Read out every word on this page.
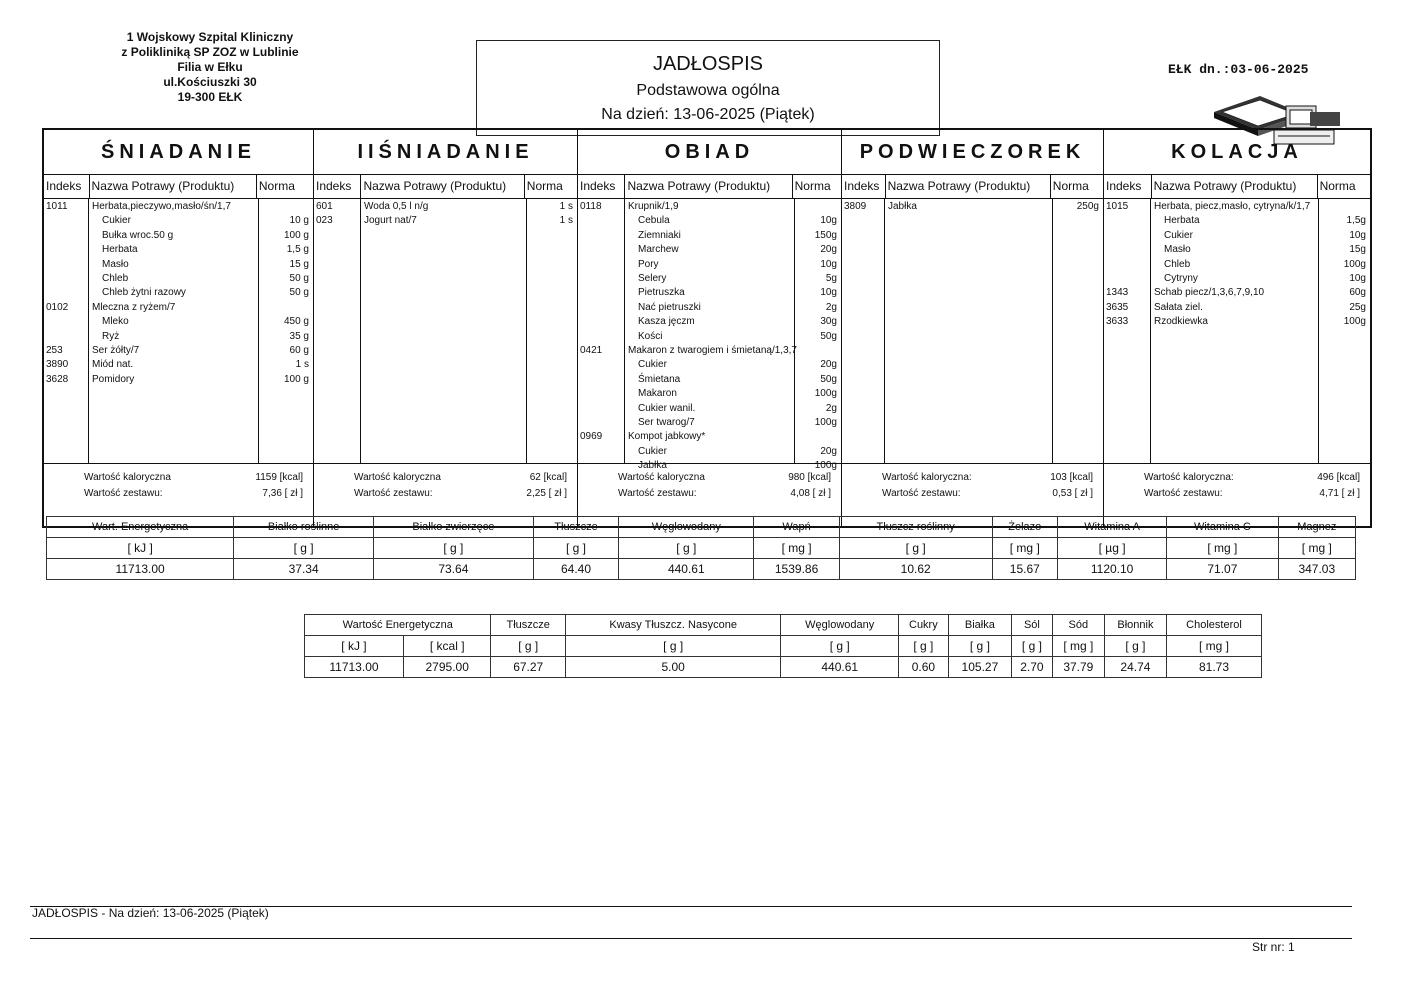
1 Wojskowy Szpital Kliniczny
z Polikliniką SP ZOZ w Lublinie
Filia w Ełku
ul.Kościuszki 30
19-300 EŁK
JADŁOSPIS
Podstawowa ogólna
Na dzień: 13-06-2025 (Piątek)
EŁK dn.:03-06-2025
ŚNIADANIE
Indeks Nazwa Potrawy (Produktu)	Norma
1011 Herbata,pieczywo,masło/śn/1,7
Cukier	10 g
Bułka wroc.50 g	100 g
Herbata	1,5 g
Masło	15 g
Chleb	50 g
Chleb żytni razowy	50 g
0102 Mleczna z ryżem/7
Mleko	450 g
Ryż	35 g
253	Ser żółty/7	60 g
3890 Miód nat.	1 s
3628 Pomidory	100 g
Wartość kaloryczna	1159 [kcal]
Wartość zestawu:	7,36 [ zł ]
IIŚNIADANIE
Indeks	Nazwa Potrawy (Produktu)	Norma
601	Woda 0,5 l n/g	1 s
023	Jogurt nat/7	1 s
Wartość kaloryczna	62 [kcal]
Wartość zestawu:	2,25 [ zł ]
OBIAD
Indeks	Nazwa Potrawy (Produktu)	Norma
0118	Krupnik/1,9
Cebula	10g
Ziemniaki	150g
Marchew	20g
Pory	10g
Selery	5g
Pietruszka	10g
Nać pietruszki	2g
Kasza jęczm	30g
Kości	50g
0421	Makaron z twarogiem i śmietaną/1,3,7
Cukier	20g
Śmietana	50g
Makaron	100g
Cukier wanil.	2g
Ser twarog/7	100g
0969	Kompot jabkowy*
Cukier	20g
Jabłka	100g
Wartość kaloryczna	980 [kcal]
Wartość zestawu:	4,08 [ zł ]
PODWIECZOREK
Indeks Nazwa Potrawy (Produktu)	Norma
3809 Jabłka	250g
Wartość kaloryczna:	103 [kcal]
Wartość zestawu:	0,53 [ zł ]
KOLACJA
Indeks	Nazwa Potrawy (Produktu)	Norma
1015	Herbata, piecz,masło, cytryna/k/1,7
Herbata	1,5g
Cukier	10g
Masło	15g
Chleb	100g
Cytryny	10g
1343	Schab piecz/1,3,6,7,9,10	60g
3635	Sałata ziel.	25g
3633	Rzodkiewka	100g
Wartość kaloryczna:	496 [kcal]
Wartość zestawu:	4,71 [ zł ]
Wart. Energetyczna	Białko roślinne	Białko zwierzęce	Tłuszcze	Węglowodany	Wapń	Tłuszcz roślinny	Żelazo	Witamina A	Witamina C	Magnez
[ kJ ]	[ g ]	[ g ]	[ g ]	[ g ]	[ mg ]	[ g ]	[ mg ]	[ µg ]	[ mg ]	[ mg ]
11713.00	37.34	73.64	64.40	440.61	1539.86	10.62	15.67	1120.10	71.07	347.03
Wartość Energetyczna		Tłuszcze	Kwasy Tłuszcz. Nasycone	Węglowodany	Cukry	Białka	Sól	Sód	Błonnik	Cholesterol
[ kJ ]	[ kcal ]	[ g ]	[ g ]	[ g ]	[ g ]	[ g ]	[ g ]	[ mg ]	[ g ]	[ mg ]
11713.00	2795.00	67.27	5.00	440.61	0.60	105.27	2.70	37.79	24.74	81.73
JADŁOSPIS - Na dzień: 13-06-2025 (Piątek)
Str nr: 1
